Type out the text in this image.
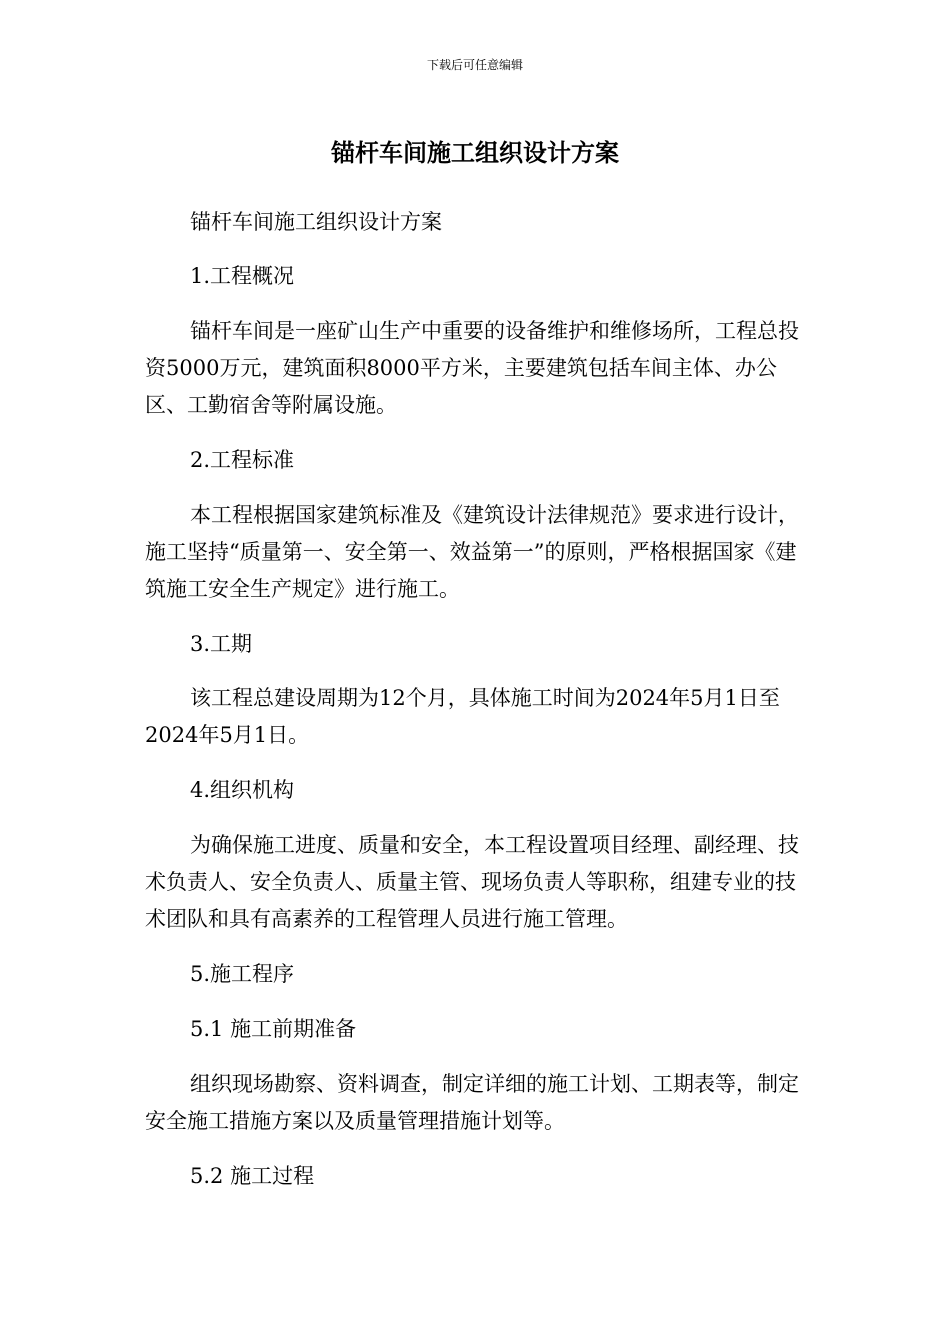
下载后可任意编辑
锚杆车间施工组织设计方案

锚杆车间施工组织设计方案

1.工程概况

锚杆车间是一座矿山生产中重要的设备维护和维修场所，工程总投资5000万元，建筑面积8000平方米，主要建筑包括车间主体、办公区、工勤宿舍等附属设施。

2.工程标准

本工程根据国家建筑标准及《建筑设计法律规范》要求进行设计，施工坚持“质量第一、安全第一、效益第一”的原则，严格根据国家《建筑施工安全生产规定》进行施工。

3.工期

该工程总建设周期为12个月，具体施工时间为2024年5月1日至2024年5月1日。

4.组织机构

为确保施工进度、质量和安全，本工程设置项目经理、副经理、技术负责人、安全负责人、质量主管、现场负责人等职称，组建专业的技术团队和具有高素养的工程管理人员进行施工管理。

5.施工程序

5.1 施工前期准备

组织现场勘察、资料调查，制定详细的施工计划、工期表等，制定安全施工措施方案以及质量管理措施计划等。

5.2 施工过程
